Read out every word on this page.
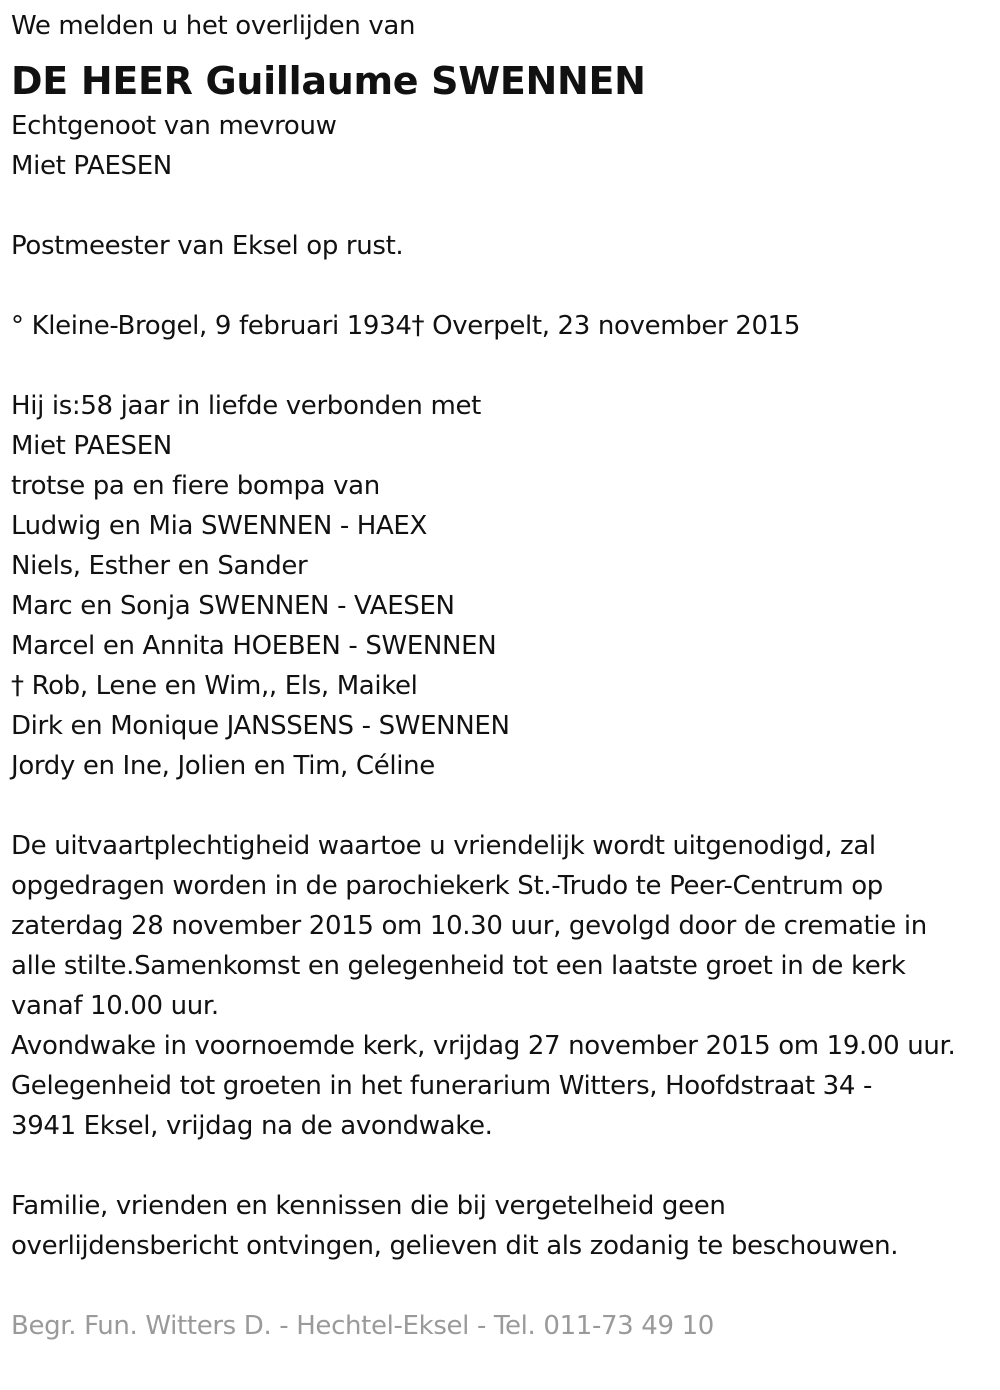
We melden u het overlijden van
DE HEER Guillaume SWENNEN
Echtgenoot van mevrouw
Miet PAESEN
Postmeester van Eksel op rust.
° Kleine-Brogel, 9 februari 1934† Overpelt, 23 november 2015
Hij is:58 jaar in liefde verbonden met
Miet PAESEN
trotse pa en fiere bompa van
Ludwig en Mia SWENNEN - HAEX
Niels, Esther en Sander
Marc en Sonja SWENNEN - VAESEN
Marcel en Annita HOEBEN - SWENNEN
† Rob, Lene en Wim,, Els, Maikel
Dirk en Monique JANSSENS - SWENNEN
Jordy en Ine, Jolien en Tim, Céline
De uitvaartplechtigheid waartoe u vriendelijk wordt uitgenodigd, zal
opgedragen worden in de parochiekerk St.-Trudo te Peer-Centrum op
zaterdag 28 november 2015 om 10.30 uur, gevolgd door de crematie in
alle stilte.Samenkomst en gelegenheid tot een laatste groet in de kerk
vanaf 10.00 uur.
Avondwake in voornoemde kerk, vrijdag 27 november 2015 om 19.00 uur.
Gelegenheid tot groeten in het funerarium Witters, Hoofdstraat 34 -
3941 Eksel, vrijdag na de avondwake.
Familie, vrienden en kennissen die bij vergetelheid geen
overlijdensbericht ontvingen, gelieven dit als zodanig te beschouwen.
Begr. Fun. Witters D. - Hechtel-Eksel - Tel. 011-73 49 10
